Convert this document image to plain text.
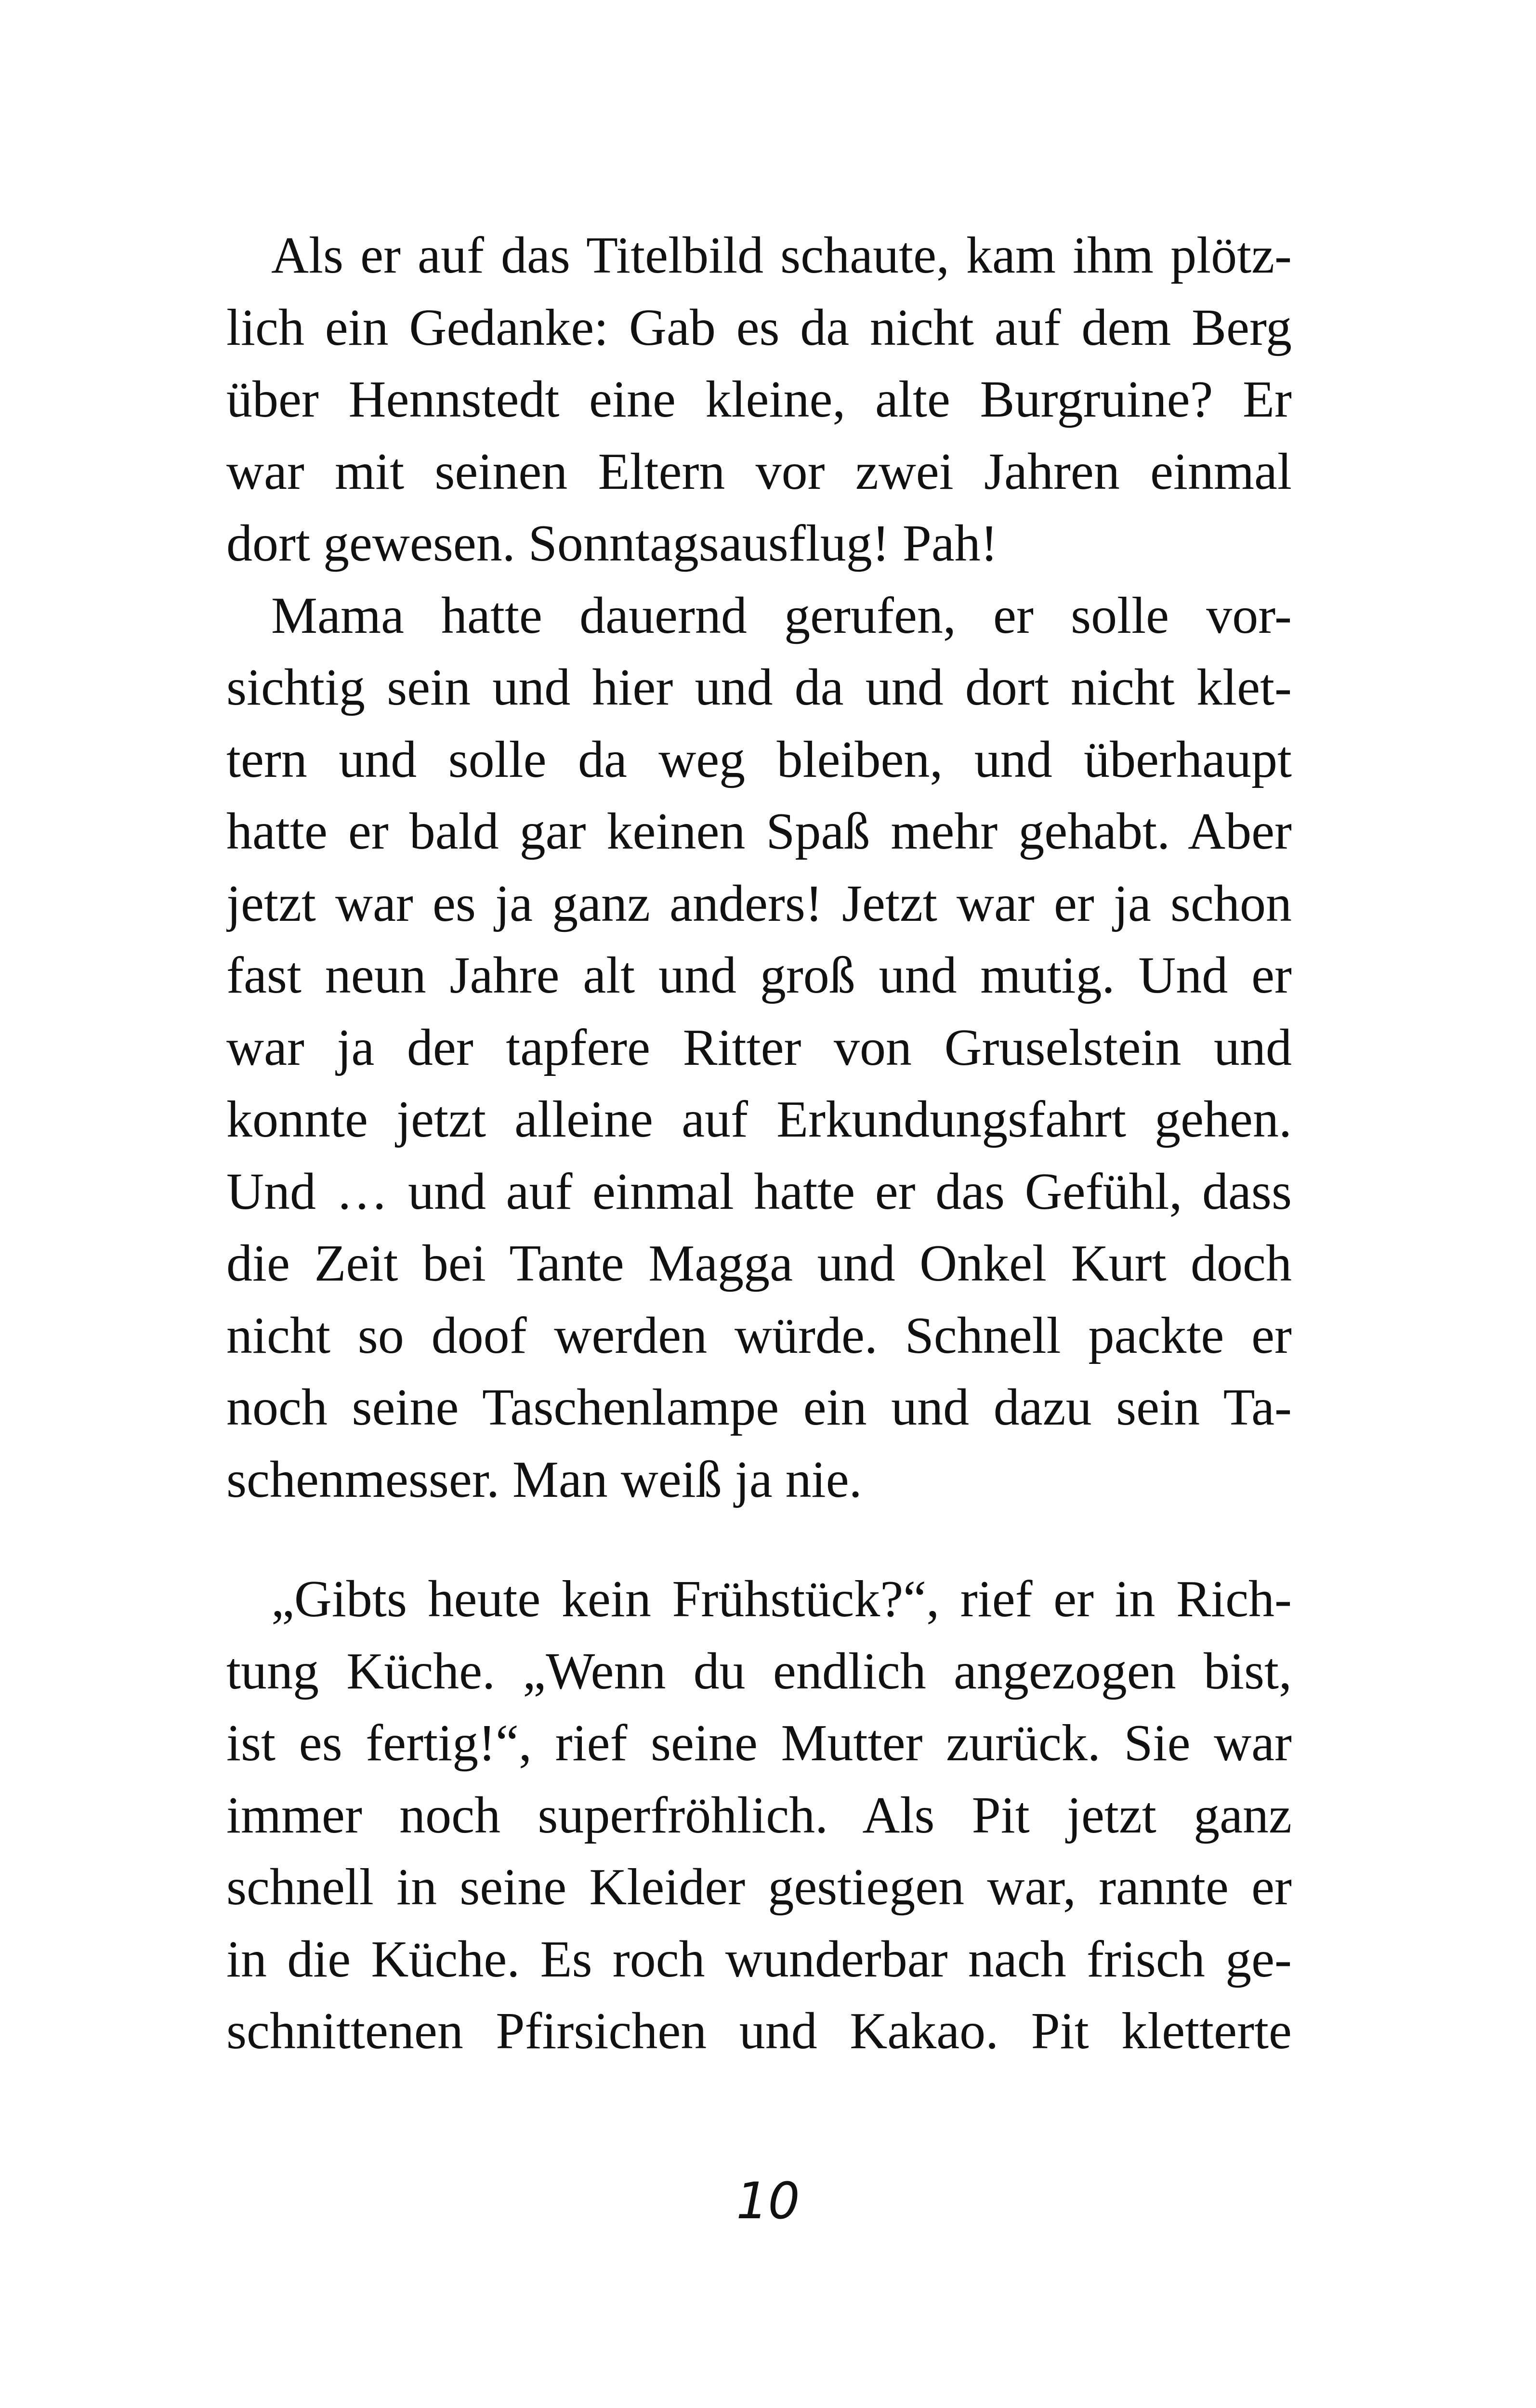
Als er auf das Titelbild schaute, kam ihm plötz-
lich ein Gedanke: Gab es da nicht auf dem Berg
über Hennstedt eine kleine, alte Burgruine? Er
war mit seinen Eltern vor zwei Jahren einmal
dort gewesen. Sonntagsausflug! Pah!
Mama hatte dauernd gerufen, er solle vor-
sichtig sein und hier und da und dort nicht klet-
tern und solle da weg bleiben, und überhaupt
hatte er bald gar keinen Spaß mehr gehabt. Aber
jetzt war es ja ganz anders! Jetzt war er ja schon
fast neun Jahre alt und groß und mutig. Und er
war ja der tapfere Ritter von Gruselstein und
konnte jetzt alleine auf Erkundungsfahrt gehen.
Und … und auf einmal hatte er das Gefühl, dass
die Zeit bei Tante Magga und Onkel Kurt doch
nicht so doof werden würde. Schnell packte er
noch seine Taschenlampe ein und dazu sein Ta-
schenmesser. Man weiß ja nie.
„Gibts heute kein Frühstück?“, rief er in Rich-
tung Küche. „Wenn du endlich angezogen bist,
ist es fertig!“, rief seine Mutter zurück. Sie war
immer noch superfröhlich. Als Pit jetzt ganz
schnell in seine Kleider gestiegen war, rannte er
in die Küche. Es roch wunderbar nach frisch ge-
schnittenen Pfirsichen und Kakao. Pit kletterte
10
